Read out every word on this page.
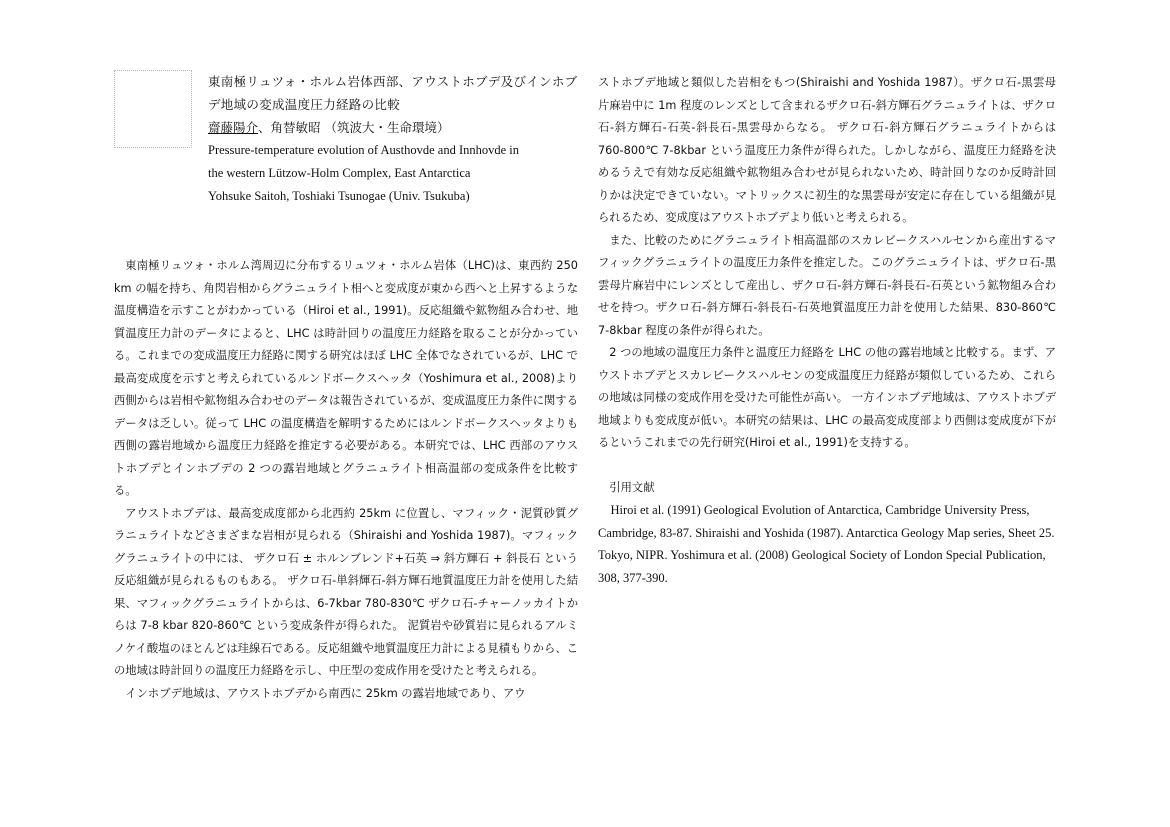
東南極リュツォ・ホルム岩体西部、アウストホブデ及びインホブデ地域の変成温度圧力経路の比較

齋藤陽介、角替敏昭 （筑波大・生命環境）

Pressure-temperature evolution of Austhovde and Innhovde in

the western Lützow-Holm Complex, East Antarctica

Yohsuke Saitoh, Toshiaki Tsunogae (Univ. Tsukuba)

東南極リュツォ・ホルム湾周辺に分布するリュツォ・ホルム岩体（LHC)は、東西約 250 km の幅を持ち、角閃岩相からグラニュライト相へと変成度が東から西へと上昇するような温度構造を示すことがわかっている（Hiroi et al., 1991)。反応組織や鉱物組み合わせ、地質温度圧力計のデータによると、LHC は時計回りの温度圧力経路を取ることが分かっている。これまでの変成温度圧力経路に関する研究はほぼ LHC 全体でなされているが、LHC で最高変成度を示すと考えられているルンドボークスヘッタ（Yoshimura et al., 2008)より西側からは岩相や鉱物組み合わせのデータは報告されているが、変成温度圧力条件に関するデータは乏しい。従って LHC の温度構造を解明するためにはルンドボークスヘッタよりも西側の露岩地域から温度圧力経路を推定する必要がある。本研究では、LHC 西部のアウストホブデとインホブデの 2 つの露岩地域とグラニュライト相高温部の変成条件を比較する。

アウストホブデは、最高変成度部から北西約 25km に位置し、マフィック・泥質砂質グラニュライトなどさまざまな岩相が見られる（Shiraishi and Yoshida 1987)。マフィックグラニュライトの中には、 ザクロ石 ± ホルンブレンド+石英 ⇒ 斜方輝石 + 斜長石 という反応組織が見られるものもある。 ザクロ石-単斜輝石-斜方輝石地質温度圧力計を使用した結果、マフィックグラニュライトからは、6-7kbar 780-830℃ ザクロ石-チャーノッカイトからは 7-8 kbar 820-860℃ という変成条件が得られた。 泥質岩や砂質岩に見られるアルミノケイ酸塩のほとんどは珪線石である。反応組織や地質温度圧力計による見積もりから、この地域は時計回りの温度圧力経路を示し、中圧型の変成作用を受けたと考えられる。

インホブデ地域は、アウストホブデから南西に 25km の露岩地域であり、アウ

ストホブデ地域と類似した岩相をもつ(Shiraishi and Yoshida 1987）。ザクロ石-黒雲母片麻岩中に 1m 程度のレンズとして含まれるザクロ石-斜方輝石グラニュライトは、ザクロ石-斜方輝石-石英-斜長石-黒雲母からなる。 ザクロ石-斜方輝石グラニュライトからは 760-800℃ 7-8kbar という温度圧力条件が得られた。しかしながら、温度圧力経路を決めるうえで有効な反応組織や鉱物組み合わせが見られないため、時計回りなのか反時計回りかは決定できていない。マトリックスに初生的な黒雲母が安定に存在している組織が見られるため、変成度はアウストホブデより低いと考えられる。

また、比較のためにグラニュライト相高温部のスカレビークスハルセンから産出するマフィックグラニュライトの温度圧力条件を推定した。このグラニュライトは、ザクロ石-黒雲母片麻岩中にレンズとして産出し、ザクロ石-斜方輝石-斜長石-石英という鉱物組み合わせを持つ。ザクロ石-斜方輝石-斜長石-石英地質温度圧力計を使用した結果、830-860℃ 7-8kbar 程度の条件が得られた。

2 つの地域の温度圧力条件と温度圧力経路を LHC の他の露岩地域と比較する。まず、アウストホブデとスカレビークスハルセンの変成温度圧力経路が類似しているため、これらの地域は同様の変成作用を受けた可能性が高い。 一方インホブデ地域は、アウストホブデ地域よりも変成度が低い。本研究の結果は、LHC の最高変成度部より西側は変成度が下がるというこれまでの先行研究(Hiroi et al., 1991)を支持する。

引用文献

Hiroi et al. (1991) Geological Evolution of Antarctica, Cambridge University Press, Cambridge, 83-87. Shiraishi and Yoshida (1987). Antarctica Geology Map series, Sheet 25. Tokyo, NIPR. Yoshimura et al. (2008) Geological Society of London Special Publication, 308, 377-390.
